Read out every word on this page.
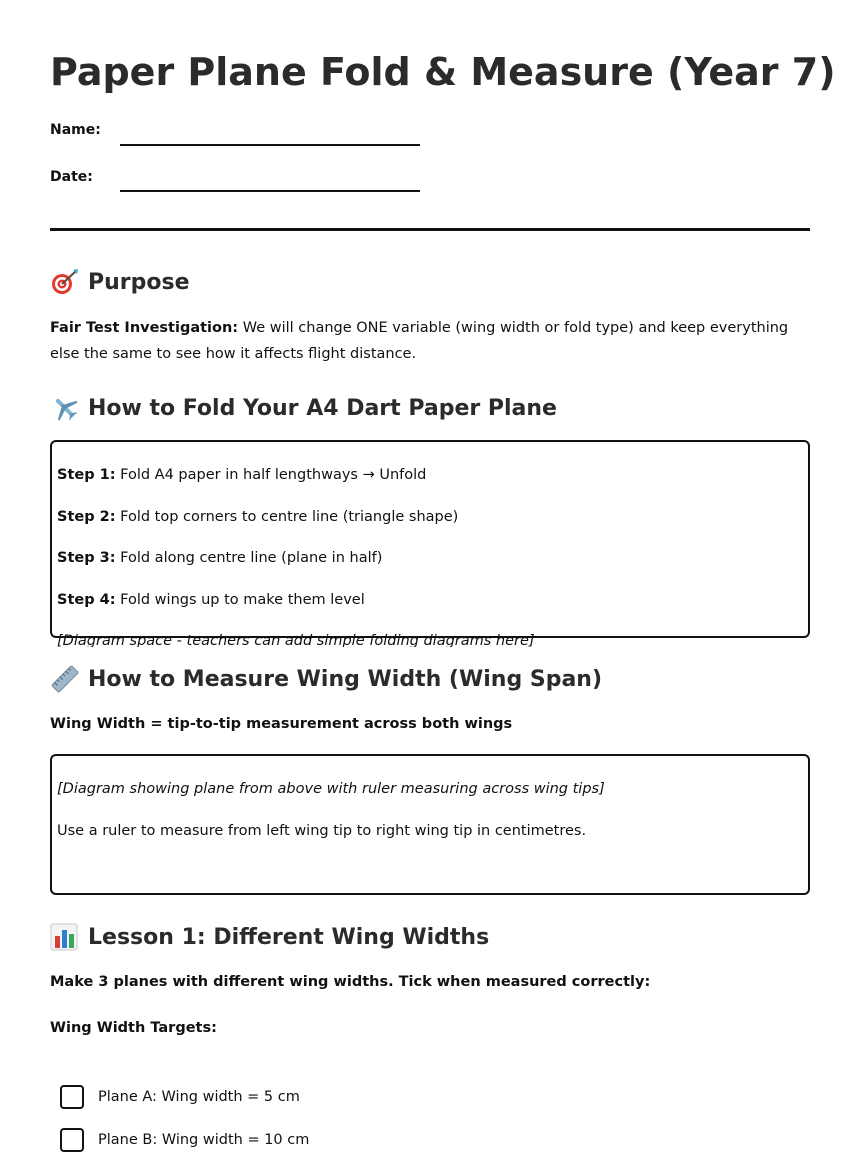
Paper Plane Fold & Measure (Year 7)
Name:
Date:
Purpose

Fair Test Investigation: We will change ONE variable (wing width or fold type) and keep everything else the same to see how it affects flight distance.

How to Fold Your A4 Dart Paper Plane
Step 1: Fold A4 paper in half lengthways → Unfold
Step 2: Fold top corners to centre line (triangle shape)
Step 3: Fold along centre line (plane in half)
Step 4: Fold wings up to make them level
[Diagram space - teachers can add simple folding diagrams here]
How to Measure Wing Width (Wing Span)
Wing Width = tip-to-tip measurement across both wings
[Diagram showing plane from above with ruler measuring across wing tips]
Use a ruler to measure from left wing tip to right wing tip in centimetres.
Lesson 1: Different Wing Widths
Make 3 planes with different wing widths. Tick when measured correctly:
Wing Width Targets:
Plane A: Wing width = 5 cm
Plane B: Wing width = 10 cm
